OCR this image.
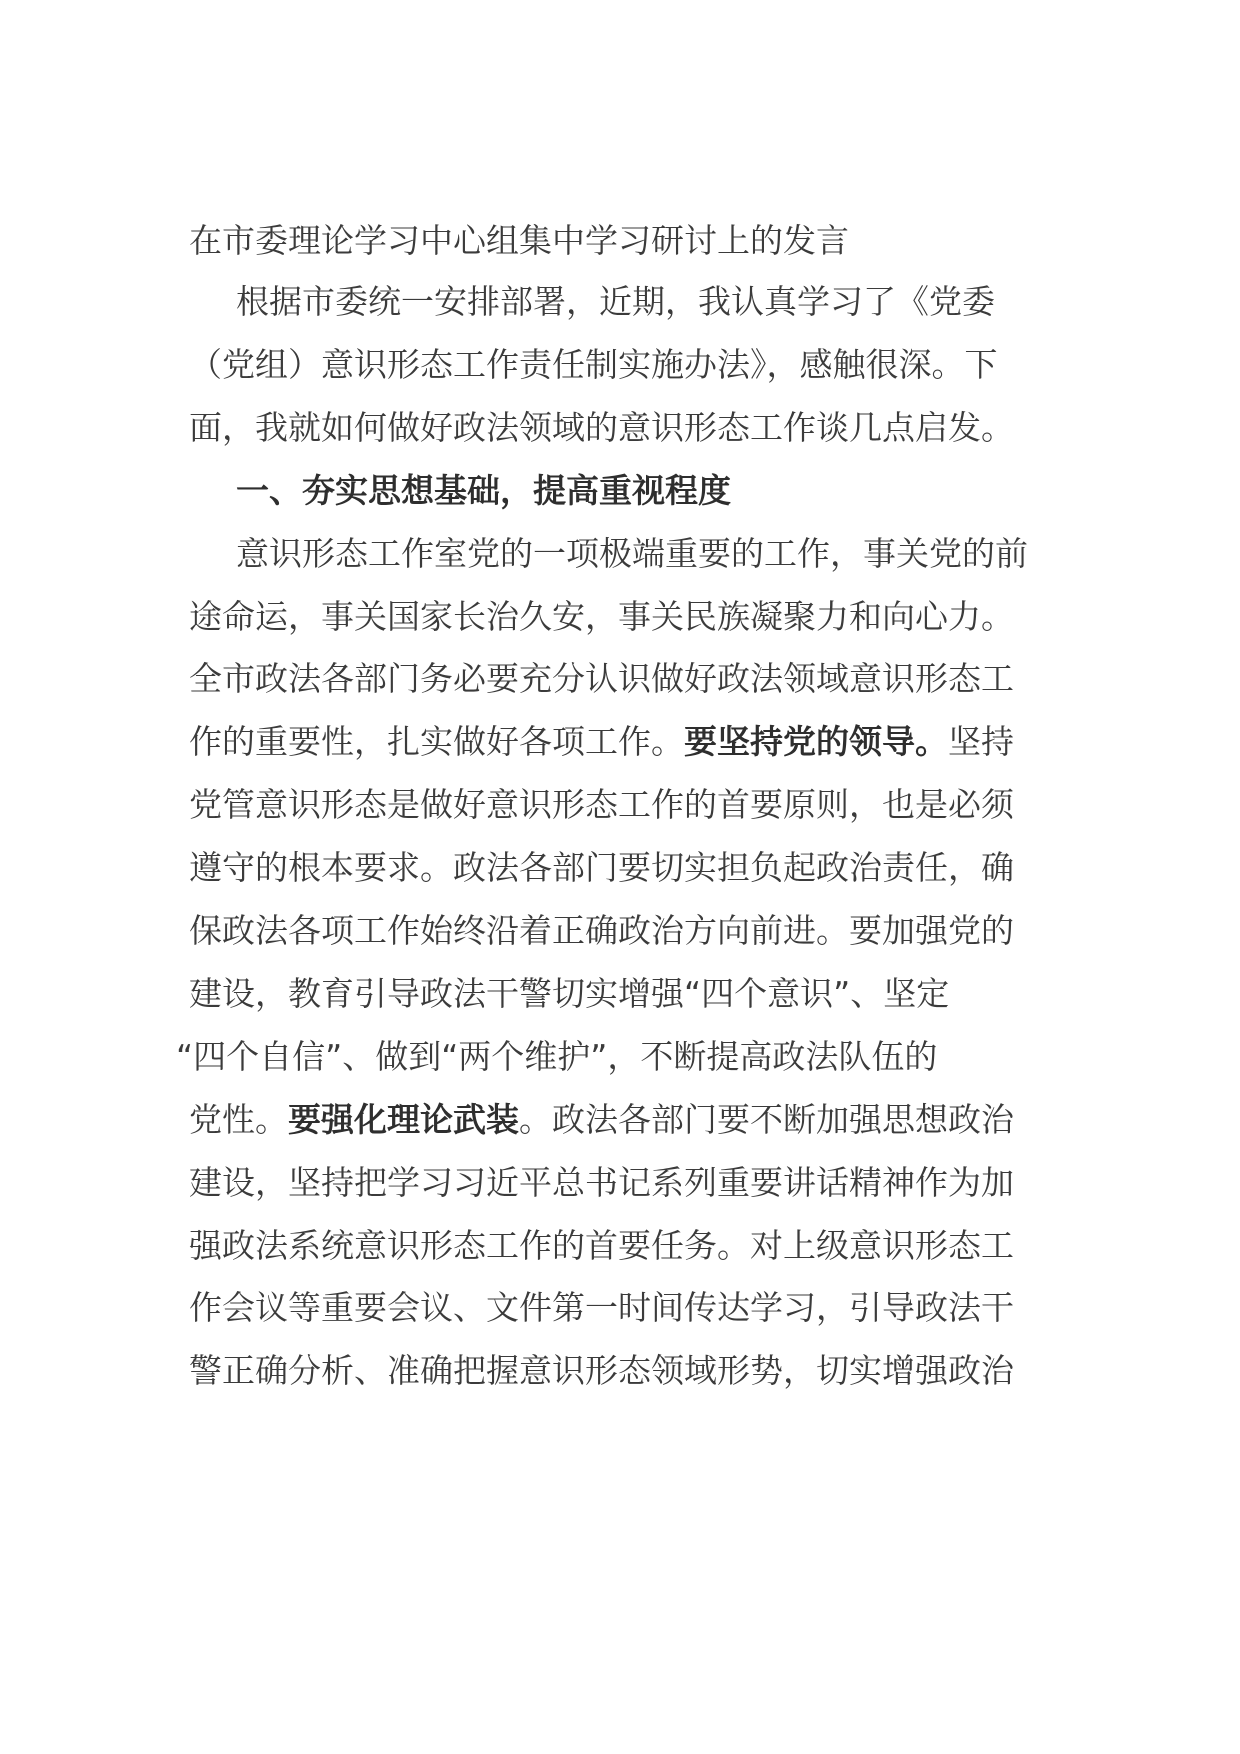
在市委理论学习中心组集中学习研讨上的发言
根据市委统一安排部署，近期，我认真学习了《党委
（党组）意识形态工作责任制实施办法》，感触很深。下
面，我就如何做好政法领域的意识形态工作谈几点启发。
一、夯实思想基础，提高重视程度
意识形态工作室党的一项极端重要的工作，事关党的前
途命运，事关国家长治久安，事关民族凝聚力和向心力。
全市政法各部门务必要充分认识做好政法领域意识形态工
作的重要性，扎实做好各项工作。要坚持党的领导。坚持
党管意识形态是做好意识形态工作的首要原则，也是必须
遵守的根本要求。政法各部门要切实担负起政治责任，确
保政法各项工作始终沿着正确政治方向前进。要加强党的
建设，教育引导政法干警切实增强“四个意识”、坚定
“四个自信”、做到“两个维护”，不断提高政法队伍的
党性。要强化理论武装。政法各部门要不断加强思想政治
建设，坚持把学习习近平总书记系列重要讲话精神作为加
强政法系统意识形态工作的首要任务。对上级意识形态工
作会议等重要会议、文件第一时间传达学习，引导政法干
警正确分析、准确把握意识形态领域形势，切实增强政治
